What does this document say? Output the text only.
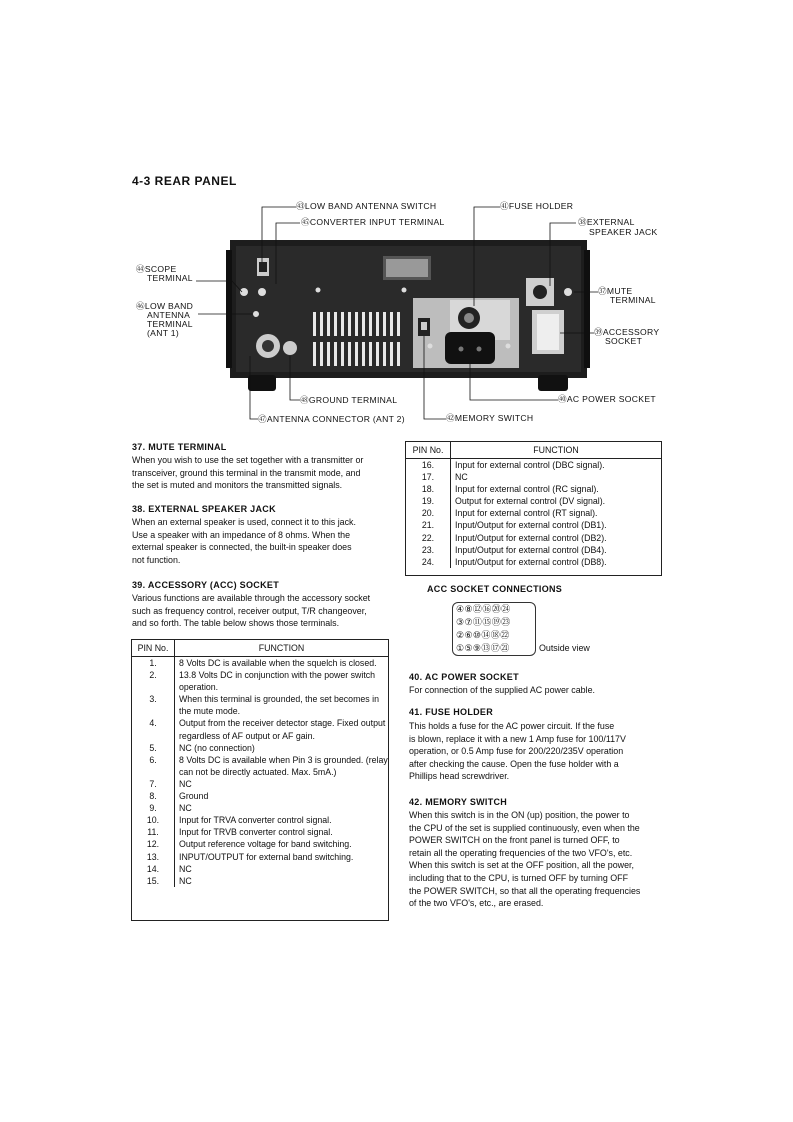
4-3 REAR PANEL
㊸LOW BAND ANTENNA SWITCH
㊺CONVERTER INPUT TERMINAL
㊶FUSE HOLDER
㊳EXTERNAL
SPEAKER JACK
㊹SCOPE
TERMINAL
㊻LOW BAND
ANTENNA
TERMINAL
(ANT 1)
㊲MUTE
TERMINAL
㊴ACCESSORY
SOCKET
㊽GROUND TERMINAL	㊵AC POWER SOCKET
㊼ANTENNA CONNECTOR (ANT 2)	㊷MEMORY SWITCH
37. MUTE TERMINAL
When you wish to use the set together with a transmitter or
transceiver, ground this terminal in the transmit mode, and
the set is muted and monitors the transmitted signals.
38. EXTERNAL SPEAKER JACK
When an external speaker is used, connect it to this jack.
Use a speaker with an impedance of 8 ohms. When the
external speaker is connected, the built-in speaker does
not function.
39. ACCESSORY (ACC) SOCKET
Various functions are available through the accessory socket
such as frequency control, receiver output, T/R changeover,
and so forth. The table below shows those terminals.
PIN No.	FUNCTION
1.	8 Volts DC is available when the squelch is closed.
2.	13.8 Volts DC in conjunction with the power switch operation.
3.	When this terminal is grounded, the set becomes in the mute mode.
4.	Output from the receiver detector stage. Fixed output regardless of AF output or AF gain.
5.	NC (no connection)
6.	8 Volts DC is available when Pin 3 is grounded. (relay can not be directly actuated. Max. 5mA.)
7.	NC
8.	Ground
9.	NC
10.	Input for TRVA converter control signal.
11.	Input for TRVB converter control signal.
12.	Output reference voltage for band switching.
13.	INPUT/OUTPUT for external band switching.
14.	NC
15.	NC
PIN No.	FUNCTION
16.	Input for external control (DBC signal).
17.	NC
18.	Input for external control (RC signal).
19.	Output for external control (DV signal).
20.	Input for external control (RT signal).
21.	Input/Output for external control (DB1).
22.	Input/Output for external control (DB2).
23.	Input/Output for external control (DB4).
24.	Input/Output for external control (DB8).
ACC SOCKET CONNECTIONS
④⑧⑫⑯⑳㉔
③⑦⑪⑮⑲㉓
②⑥⑩⑭⑱㉒
①⑤⑨⑬⑰㉑	Outside view
40. AC POWER SOCKET
For connection of the supplied AC power cable.
41. FUSE HOLDER
This holds a fuse for the AC power circuit. If the fuse
is blown, replace it with a new 1 Amp fuse for 100/117V
operation, or 0.5 Amp fuse for 200/220/235V operation
after checking the cause. Open the fuse holder with a
Phillips head screwdriver.
42. MEMORY SWITCH
When this switch is in the ON (up) position, the power to
the CPU of the set is supplied continuously, even when the
POWER SWITCH on the front panel is turned OFF, to
retain all the operating frequencies of the two VFO's, etc.
When this switch is set at the OFF position, all the power,
including that to the CPU, is turned OFF by turning OFF
the POWER SWITCH, so that all the operating frequencies
of the two VFO's, etc., are erased.
